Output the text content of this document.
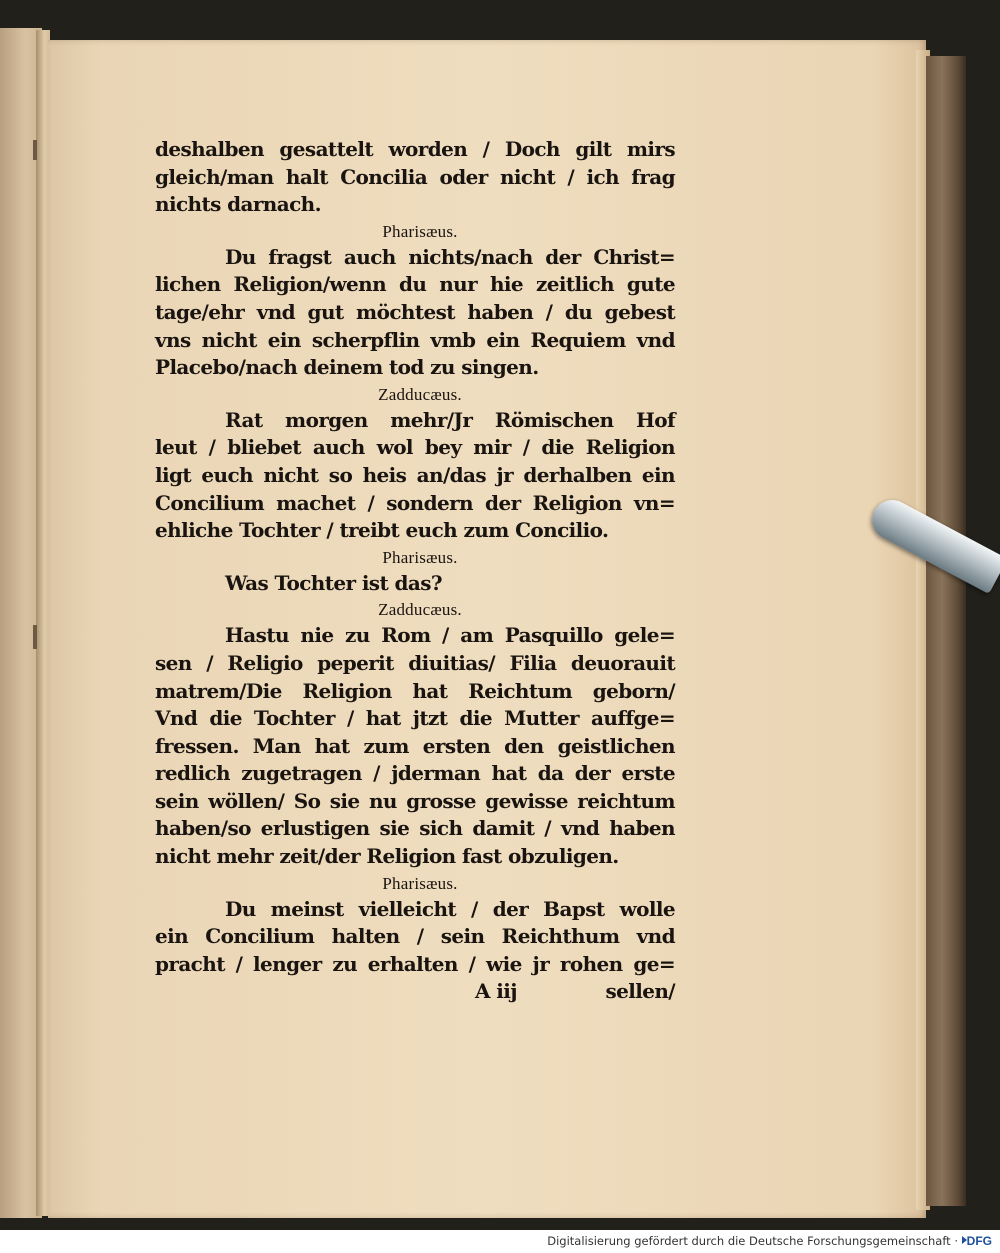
deshalben gesattelt worden / Doch gilt mirs
gleich/man halt Concilia oder nicht / ich frag
nichts darnach.
Pharisæus.
Du fragst auch nichts/nach der Christ=
lichen Religion/wenn du nur hie zeitlich gute
tage/ehr vnd gut möchtest haben / du gebest
vns nicht ein scherpflin vmb ein Requiem vnd
Placebo/nach deinem tod zu singen.
Zadducæus.
Rat morgen mehr/Jr Römischen Hof
leut / bliebet auch wol bey mir / die Religion
ligt euch nicht so heis an/das jr derhalben ein
Concilium machet / sondern der Religion vn=
ehliche Tochter / treibt euch zum Concilio.
Pharisæus.
Was Tochter ist das?
Zadducæus.
Hastu nie zu Rom / am Pasquillo gele=
sen / Religio peperit diuitias/ Filia deuorauit
matrem/Die Religion hat Reichtum geborn/
Vnd die Tochter / hat jtzt die Mutter auffge=
fressen. Man hat zum ersten den geistlichen
redlich zugetragen / jderman hat da der erste
sein wöllen/ So sie nu grosse gewisse reichtum
haben/so erlustigen sie sich damit / vnd haben
nicht mehr zeit/der Religion fast obzuligen.
Pharisæus.
Du meinst vielleicht / der Bapst wolle
ein Concilium halten / sein Reichthum vnd
pracht / lenger zu erhalten / wie jr rohen ge=
A iij	sellen/
Digitalisierung gefördert durch die Deutsche Forschungsgemeinschaft · DFG
